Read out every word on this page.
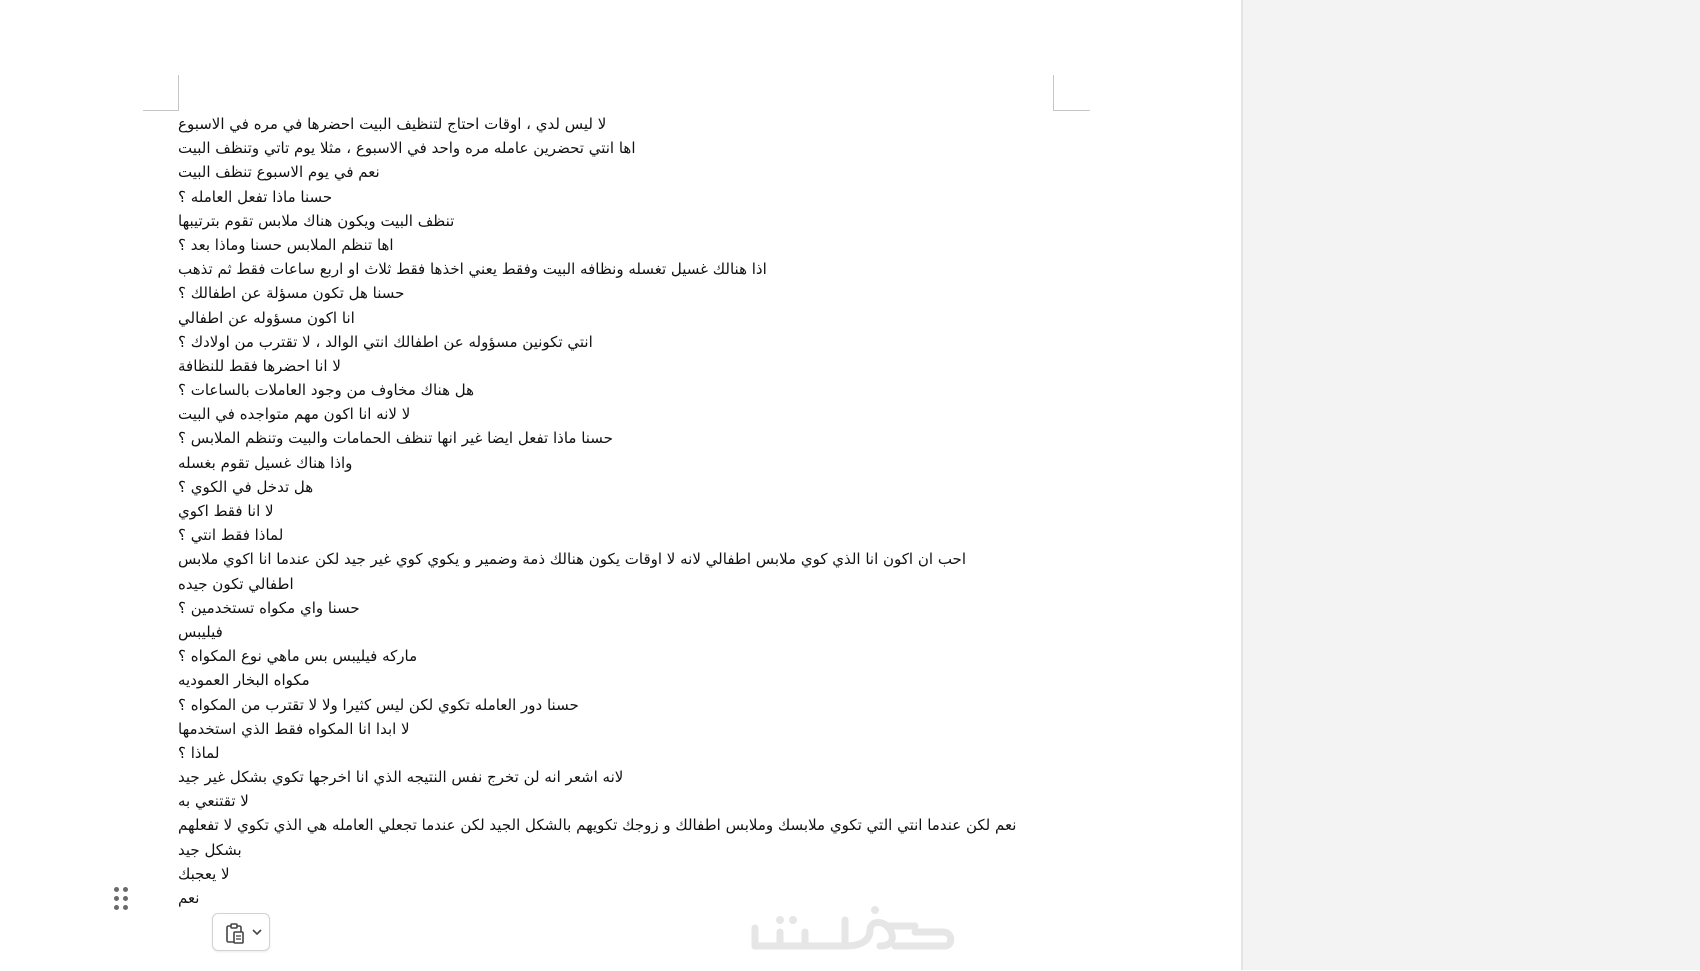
لا ليس لدي ، اوقات احتاج لتنظيف البيت احضرها في مره في الاسبوع
اها انتي تحضرين عامله مره واحد في الاسبوع ، مثلا يوم تاتي وتنظف البيت
نعم في يوم الاسبوع تنظف البيت
حسنا ماذا تفعل العامله ؟
تنظف البيت ويكون هناك ملابس تقوم بترتيبها
اها تنظم الملابس حسنا وماذا بعد ؟
اذا هنالك غسيل تغسله ونظافه البيت وفقط يعني اخذها فقط ثلاث او اربع ساعات فقط ثم تذهب
حسنا هل تكون مسؤلة عن اطفالك ؟
انا اكون مسؤوله عن اطفالي
انتي تكونين مسؤوله عن اطفالك انتي الوالد ، لا تقترب من اولادك ؟
لا انا احضرها فقط للنظافة
هل هناك مخاوف من وجود العاملات بالساعات ؟
لا لانه انا اكون مهم متواجده في البيت
حسنا ماذا تفعل ايضا غير انها تنظف الحمامات والبيت وتنظم الملابس ؟
واذا هناك غسيل تقوم بغسله
هل تدخل في الكوي ؟
لا انا فقط اكوي
لماذا فقط انتي ؟
احب ان اكون انا الذي كوي ملابس اطفالي لانه لا اوقات يكون هنالك ذمة وضمير و يكوي كوي غير جيد لكن عندما انا اكوي ملابس
اطفالي تكون جيده
حسنا واي مكواه تستخدمين ؟
فيليبس
ماركه فيليبس بس ماهي نوع المكواه ؟
مكواه البخار العموديه
حسنا دور العامله تكوي لكن ليس كثيرا ولا لا تقترب من المكواه ؟
لا ابدا انا المكواه فقط الذي استخدمها
لماذا ؟
لانه اشعر انه لن تخرج نفس النتيجه الذي انا اخرجها تكوي بشكل غير جيد
لا تقتنعي به
نعم لكن عندما انتي التي تكوي ملابسك وملابس اطفالك و زوجك تكويهم بالشكل الجيد لكن عندما تجعلي العامله هي الذي تكوي لا تفعلهم
بشكل جيد
لا يعجبك
نعم
